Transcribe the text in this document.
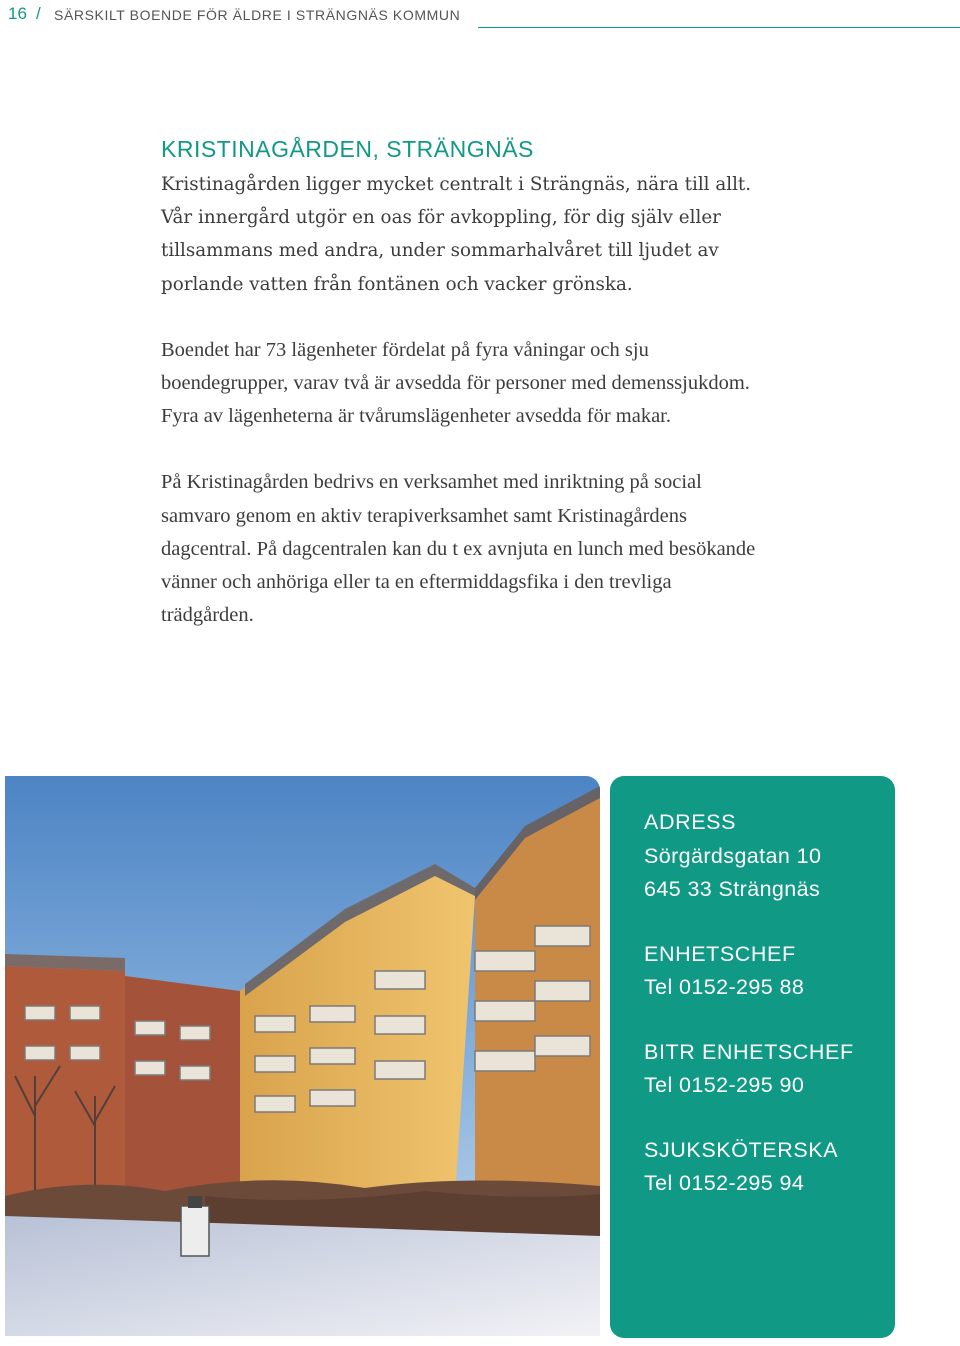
16 / SÄRSKILT BOENDE FÖR ÄLDRE I STRÄNGNÄS KOMMUN
KRISTINAGÅRDEN, STRÄNGNÄS

Kristinagården ligger mycket centralt i Strängnäs, nära till allt. Vår innergård utgör en oas för avkoppling, för dig själv eller tillsammans med andra, under sommarhalvåret till ljudet av porlande vatten från fontänen och vacker grönska.

Boendet har 73 lägenheter fördelat på fyra våningar och sju boendegrupper, varav två är avsedda för personer med demenssjukdom. Fyra av lägenheterna är tvårumslägenheter avsedda för makar.

På Kristinagården bedrivs en verksamhet med inriktning på social samvaro genom en aktiv terapiverksamhet samt Kristinagårdens dagcentral. På dagcentralen kan du t ex avnjuta en lunch med besökande vänner och anhöriga eller ta en eftermiddagsfika i den trevliga trädgården.

ADRESS
Sörgärdsgatan 10
645 33 Strängnäs
ENHETSCHEF
Tel 0152-295 88
BITR ENHETSCHEF
Tel 0152-295 90
SJUKSKÖTERSKA
Tel 0152-295 94
